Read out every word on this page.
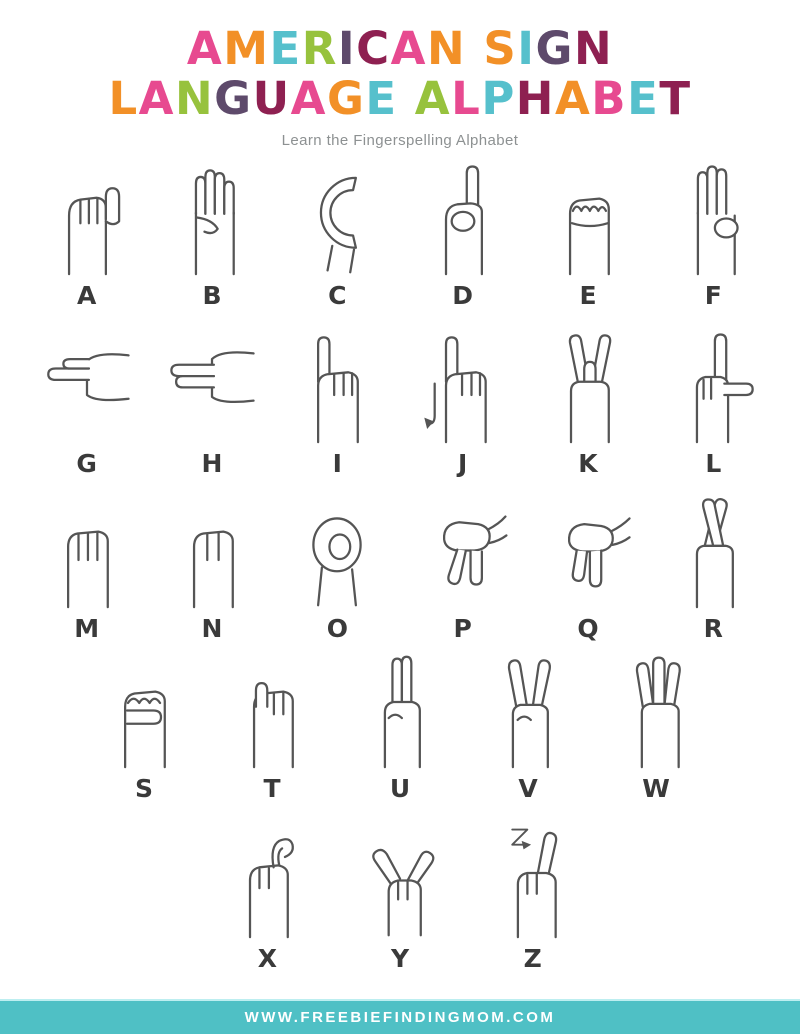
AMERICAN SIGN
LANGUAGE ALPHABET
Learn the Fingerspelling Alphabet
A	B	C	D	E	F
G	H	I	J	K	L
M	N	O	P	Q	R
S	T	U	V	W
X	Y	Z
WWW.FREEBIEFINDINGMOM.COM
